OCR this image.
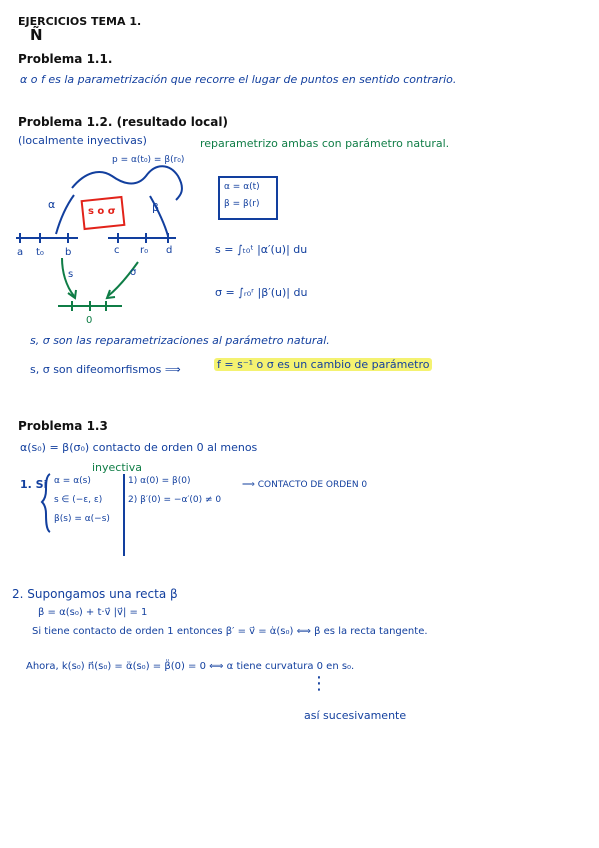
EJERCICIOS TEMA 1.
Ñ
Problema 1.1.
α o f es la parametrización que recorre el lugar de puntos en sentido contrario.
Problema 1.2. (resultado local)
(localmente inyectivas)	reparametrizo ambas con parámetro natural.
p = α(t₀) = β(r₀)
s o σ
α	β
a t₀ b	c r₀ d
s	σ
0
α = α(t)
β = β(r)
s = ∫ₜ₀ᵗ |α′(u)| du
σ = ∫ᵣ₀ʳ |β′(u)| du
s, σ son las reparametrizaciones al parámetro natural.
s, σ son difeomorfismos ⟹	f = s⁻¹ o σ es un cambio de parámetro
Problema 1.3
α(s₀) = β(σ₀) contacto de orden 0 al menos
1. Si α = α(s)
s ∈ (−ε, ε)
β(s) = α(−s)
inyectiva
1) α(0) = β(0)
2) β′(0) = −α′(0) ≠ 0
⟹ CONTACTO DE ORDEN 0
2. Supongamos una recta β
β = α(s₀) + t·v⃗ |v⃗| = 1
Si tiene contacto de orden 1 entonces β′ = v⃗ = α̇(s₀) ⟺ β es la recta tangente.
Ahora, k(s₀) n⃗(s₀) = α̈(s₀) = β̈(0) = 0 ⟺ α tiene curvatura 0 en s₀.
⋮
así sucesivamente
